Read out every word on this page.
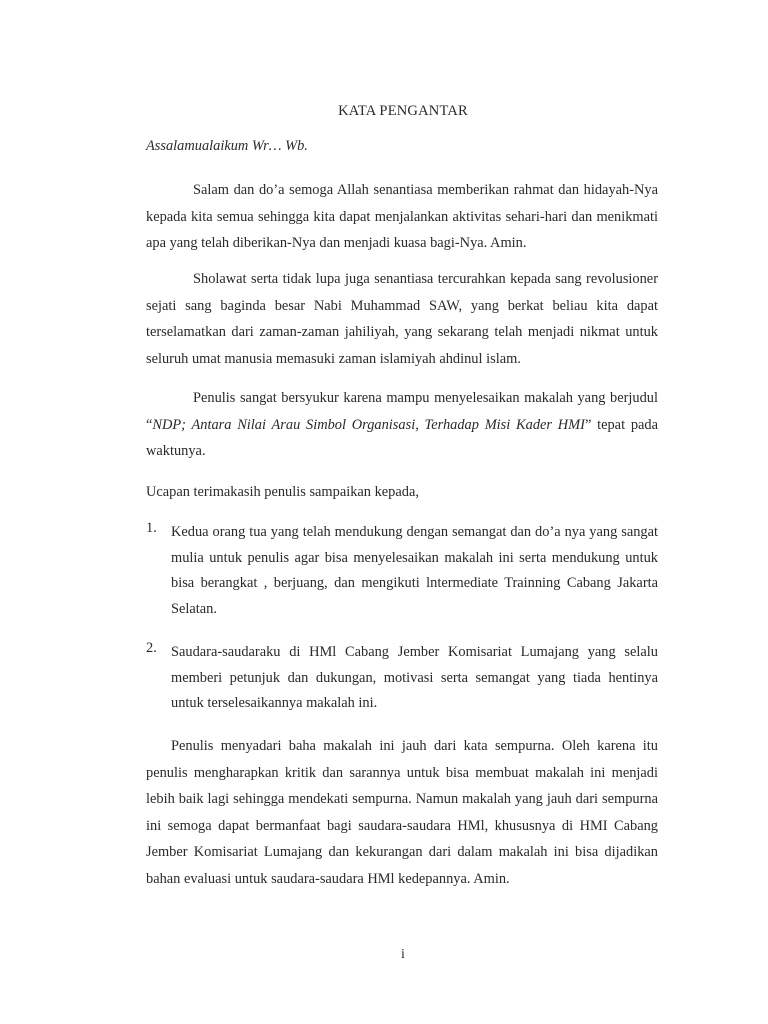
KATA PENGANTAR
Assalamualaikum Wr… Wb.

Salam dan do’a semoga Allah senantiasa memberikan rahmat dan hidayah-Nya kepada kita semua sehingga kita dapat menjalankan aktivitas sehari-hari dan menikmati apa yang telah diberikan-Nya dan menjadi kuasa bagi-Nya. Amin.

Sholawat serta tidak lupa juga senantiasa tercurahkan kepada sang revolusioner sejati sang baginda besar Nabi Muhammad SAW, yang berkat beliau kita dapat terselamatkan dari zaman-zaman jahiliyah, yang sekarang telah menjadi nikmat untuk seluruh umat manusia memasuki zaman islamiyah ahdinul islam.

Penulis sangat bersyukur karena mampu menyelesaikan makalah yang berjudul “NDP; Antara Nilai Arau Simbol Organisasi, Terhadap Misi Kader HMI” tepat pada waktunya.

Ucapan terimakasih penulis sampaikan kepada,
1. Kedua orang tua yang telah mendukung dengan semangat dan do’a nya yang sangat mulia untuk penulis agar bisa menyelesaikan makalah ini serta mendukung untuk bisa berangkat , berjuang, dan mengikuti lntermediate Trainning Cabang Jakarta Selatan.

2. Saudara-saudaraku di HMl Cabang Jember Komisariat Lumajang yang selalu memberi petunjuk dan dukungan, motivasi serta semangat yang tiada hentinya untuk terselesaikannya makalah ini.

Penulis menyadari baha makalah ini jauh dari kata sempurna. Oleh karena itu penulis mengharapkan kritik dan sarannya untuk bisa membuat makalah ini menjadi lebih baik lagi sehingga mendekati sempurna. Namun makalah yang jauh dari sempurna ini semoga dapat bermanfaat bagi saudara-saudara HMl, khususnya di HMI Cabang Jember Komisariat Lumajang dan kekurangan dari dalam makalah ini bisa dijadikan bahan evaluasi untuk saudara-saudara HMl kedepannya. Amin.

i
